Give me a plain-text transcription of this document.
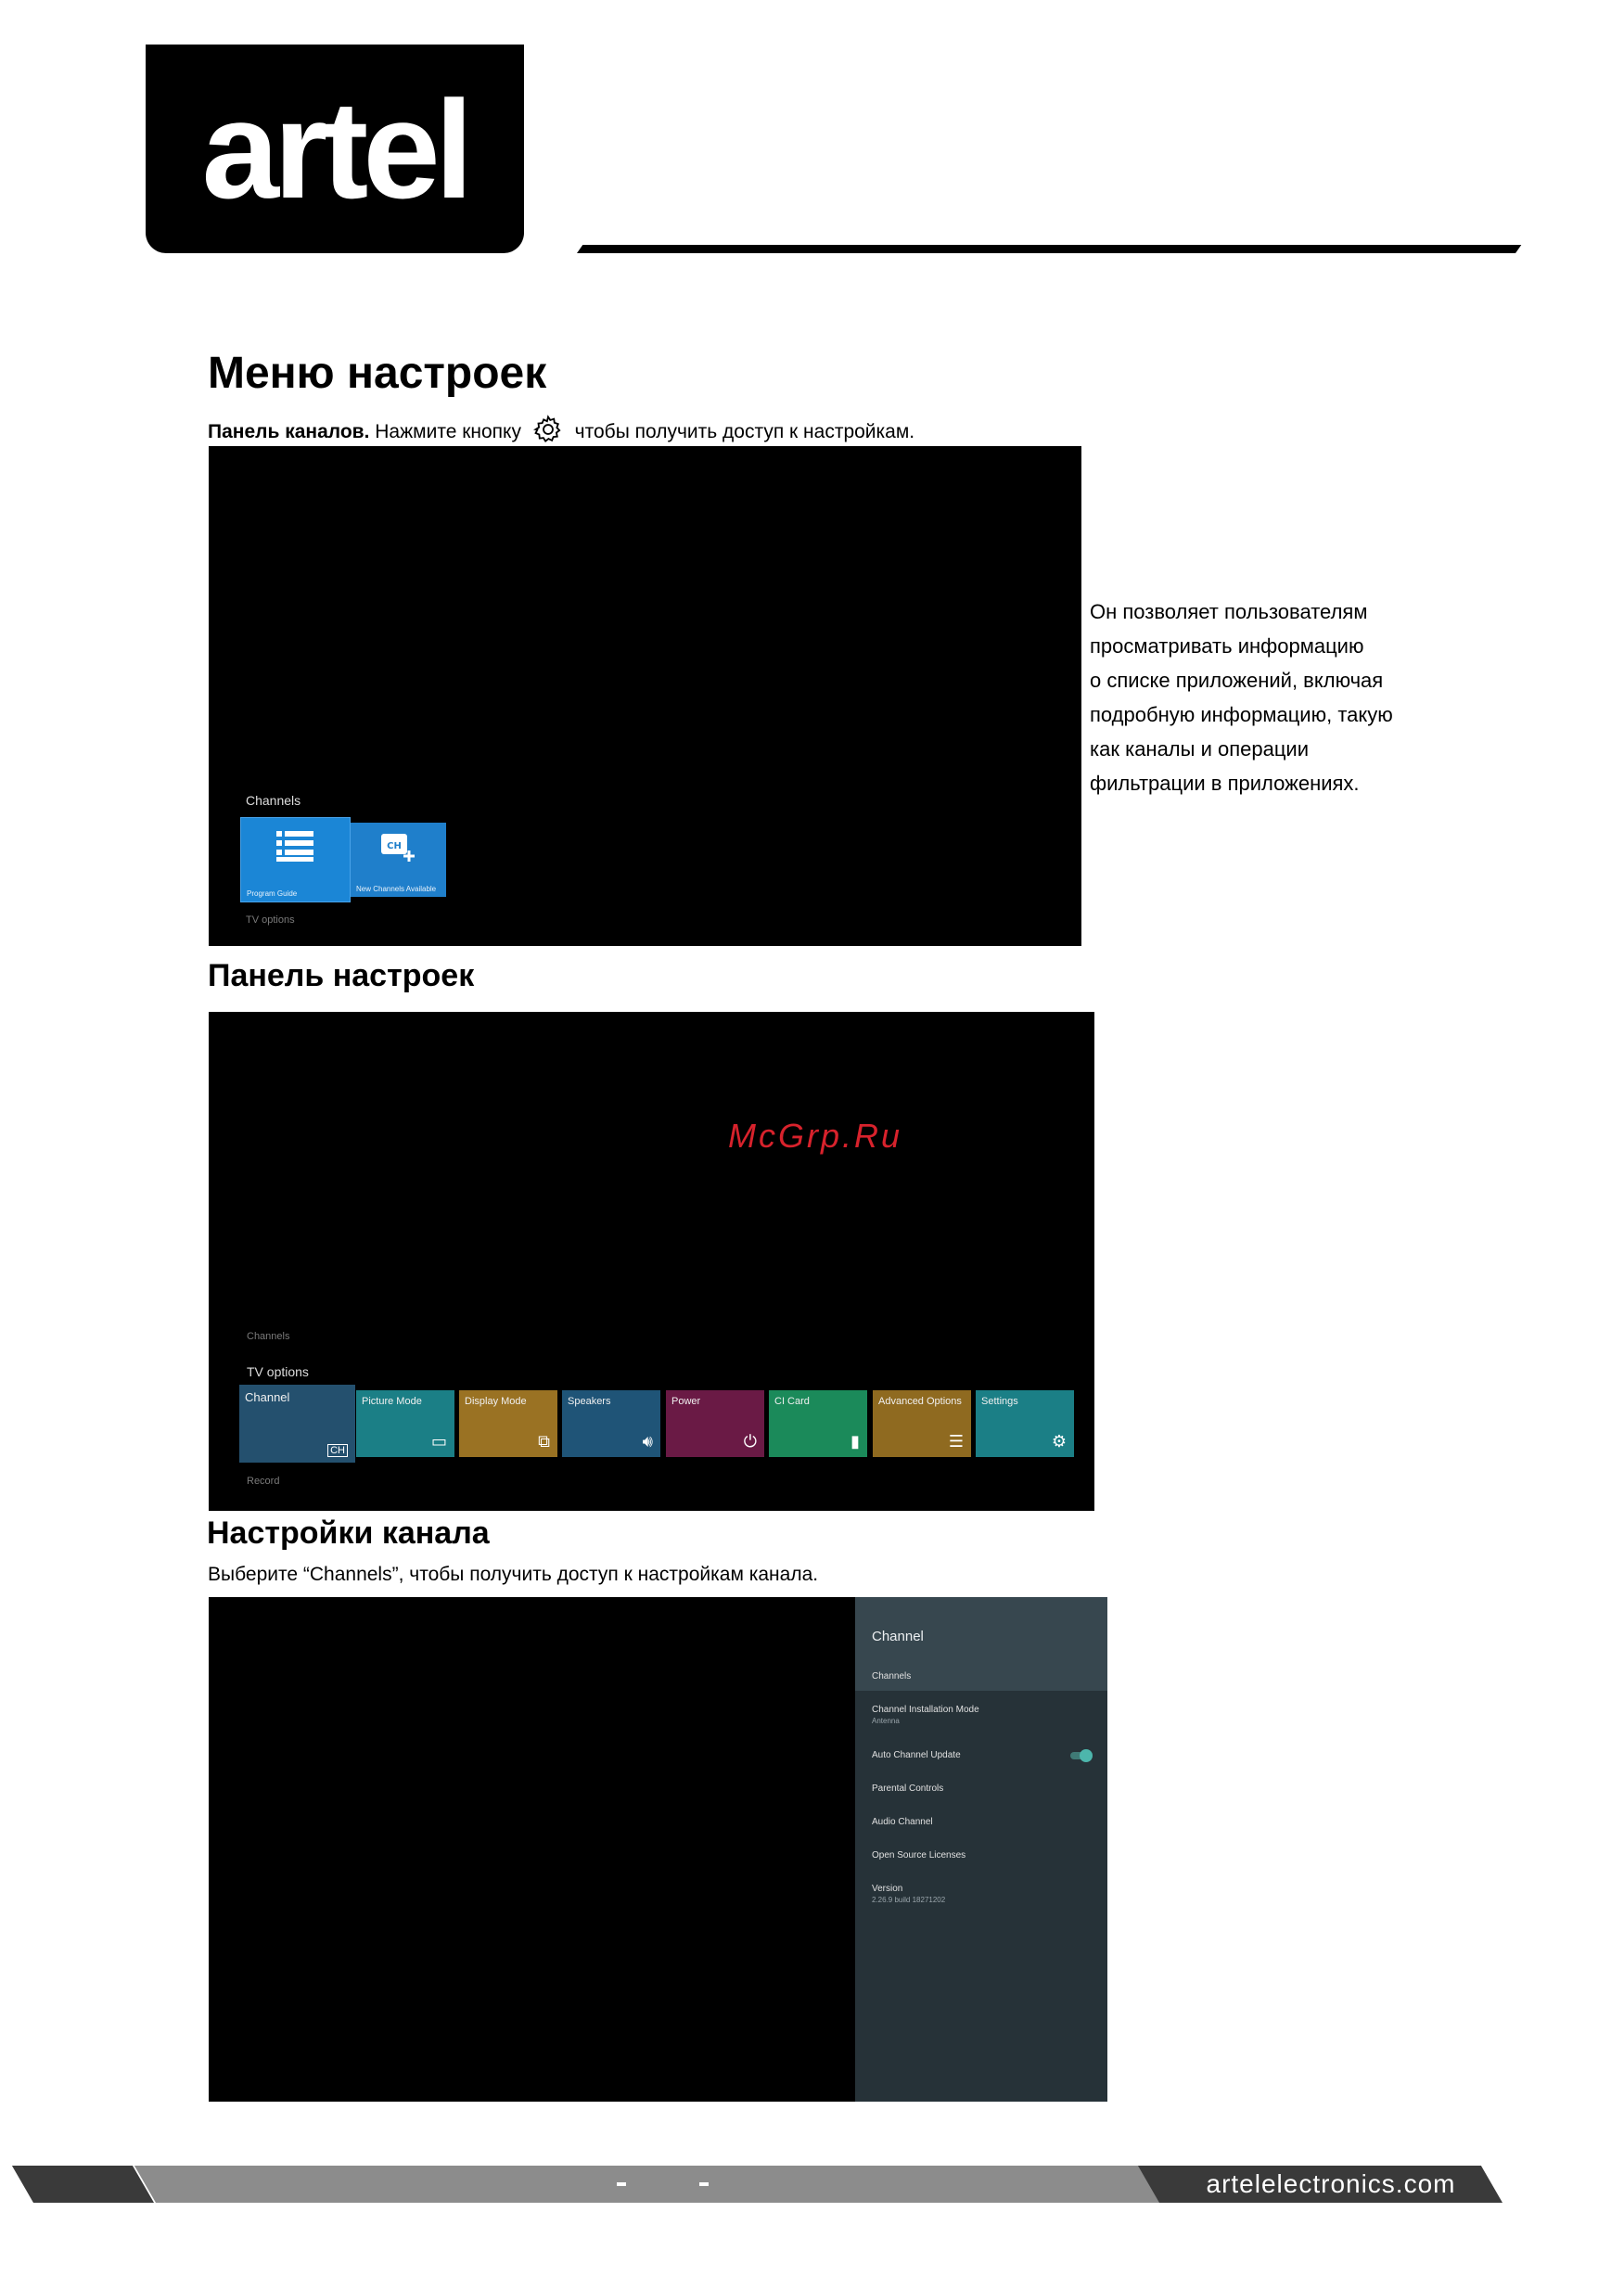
artel
Меню настроек
Панель каналов. Нажмите кнопку	чтобы получить доступ к настройкам.
Channels
Program Guide
CH
New Channels Available
TV options
Он позволяет пользователям
просматривать информацию
о списке приложений, включая
подробную информацию, такую
как каналы и операции
фильтрации в приложениях.
Панель настроек
Channels
TV options
Channel
CH
Picture Mode
▭
Display Mode
⧉
Speakers
🔊︎
Power
⏻
CI Card
▮
Advanced Options
☰
Settings
⚙
Record
McGrp.Ru
Настройки канала
Выберите “Channels”, чтобы получить доступ к настройкам канала.
Channel
Channels
Channel Installation Mode
Antenna
Auto Channel Update
Parental Controls
Audio Channel
Open Source Licenses
Version
2.26.9 build 18271202
artelelectronics.com
